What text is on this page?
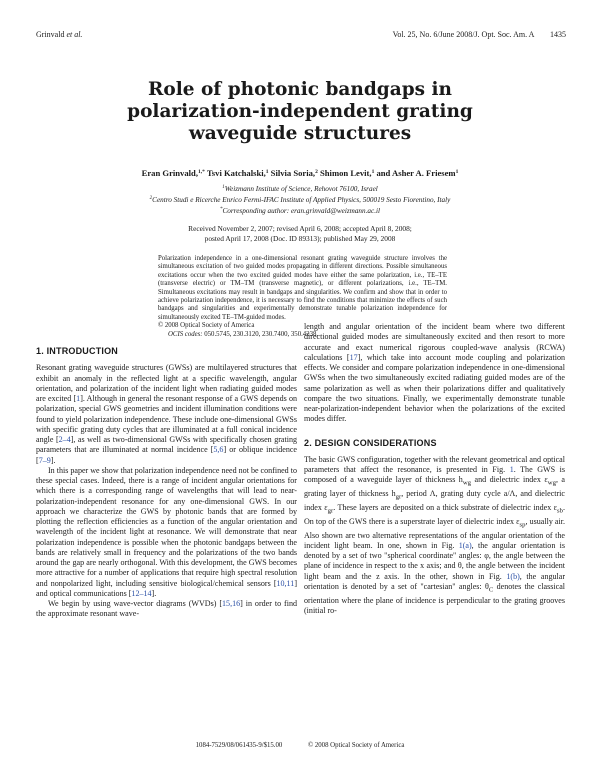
Grinvald et al.	Vol. 25, No. 6/June 2008/J. Opt. Soc. Am. A 1435
Role of photonic bandgaps in
polarization-independent grating
waveguide structures
Eran Grinvald,$^{1,*}$ Tsvi Katchalski,$^1$ Silvia Soria,$^2$ Shimon Levit,$^1$ and Asher A. Friesem$^1$
$^1$Weizmann Institute of Science, Rehovot 76100, Israel
$^2$Centro Studi e Ricerche Enrico Fermi-IFAC Institute of Applied Physics, 500019 Sesto Fiorentino, Italy
*Corresponding author: eran.grinvald@weizmann.ac.il
Received November 2, 2007; revised April 6, 2008; accepted April 8, 2008;
posted April 17, 2008 (Doc. ID 89313); published May 29, 2008

Polarization independence in a one-dimensional resonant grating waveguide structure involves the simultaneous excitation of two guided modes propagating in different directions. Possible simultaneous excitations occur when the two excited guided modes have either the same polarization, i.e., TE–TE (transverse electric) or TM–TM (transverse magnetic), or different polarizations, i.e., TE–TM. Simultaneous excitations may result in bandgaps and singularities. We confirm and show that in order to achieve polarization independence, it is necessary to find the conditions that minimize the effects of such bandgaps and singularities and experimentally demonstrate tunable polarization independence for simultaneously excited TE–TM-guided modes.

© 2008 Optical Society of America

OCIS codes: 050.5745, 230.3120, 230.7400, 350.4238.

1. INTRODUCTION

Resonant grating waveguide structures (GWSs) are multilayered structures that exhibit an anomaly in the reflected light at a specific wavelength, angular orientation, and polarization of the incident light when radiating guided modes are excited [1]. Although in general the resonant response of a GWS depends on polarization, special GWS geometries and incident illumination conditions were found to yield polarization independence. These include one-dimensional GWSs with specific grating duty cycles that are illuminated at a full conical incidence angle [2–4], as well as two-dimensional GWSs with specifically chosen grating parameters that are illuminated at normal incidence [5,6] or oblique incidence [7–9].

In this paper we show that polarization independence need not be confined to these special cases. Indeed, there is a range of incident angular orientations for which there is a corresponding range of wavelengths that will lead to near-polarization-independent resonance for any one-dimensional GWS. In our approach we characterize the GWS by photonic bands that are formed by plotting the reflection efficiencies as a function of the angular orientation and wavelength of the incident light at resonance. We will demonstrate that near polarization independence is possible when the photonic bandgaps between the bands are relatively small in frequency and the polarizations of the two bands around the gap are nearly orthogonal. With this development, the GWS becomes more attractive for a number of applications that require high spectral resolution and nonpolarized light, including sensitive biological/chemical sensors [10,11] and optical communications [12–14].

We begin by using wave-vector diagrams (WVDs) [15,16] in order to find the approximate resonant wave-

length and angular orientation of the incident beam where two different directional guided modes are simultaneously excited and then resort to more accurate and exact numerical rigorous coupled-wave analysis (RCWA) calculations [17], which take into account mode coupling and polarization effects. We consider and compare polarization independence in one-dimensional GWSs when the two simultaneously excited radiating guided modes are of the same polarization as well as when their polarizations differ and qualitatively compare the two situations. Finally, we experimentally demonstrate tunable near-polarization-independent behavior when the polarizations of the excited modes differ.

2. DESIGN CONSIDERATIONS

The basic GWS configuration, together with the relevant geometrical and optical parameters that affect the resonance, is presented in Fig. 1. The GWS is composed of a waveguide layer of thickness $h_{wg}$ and dielectric index $\varepsilon_{wg}$, a grating layer of thickness $h_{gr}$, period Λ, grating duty cycle a/Λ, and dielectric index $\varepsilon_{gr}$. These layers are deposited on a thick substrate of dielectric index $\varepsilon_{sb}$. On top of the GWS there is a superstrate layer of dielectric index $\varepsilon_{sp}$, usually air. Also shown are two alternative representations of the angular orientation of the incident light beam. In one, shown in Fig. 1(a), the angular orientation is denoted by a set of two "spherical coordinate" angles: φ, the angle between the plane of incidence in respect to the x axis; and θ, the angle between the incident light beam and the z axis. In the other, shown in Fig. 1(b), the angular orientation is denoted by a set of "cartesian" angles: $\theta_C$ denotes the classical orientation where the plane of incidence is perpendicular to the grating grooves (initial ro-

1084-7529/08/061435-9/$15.00	© 2008 Optical Society of America
